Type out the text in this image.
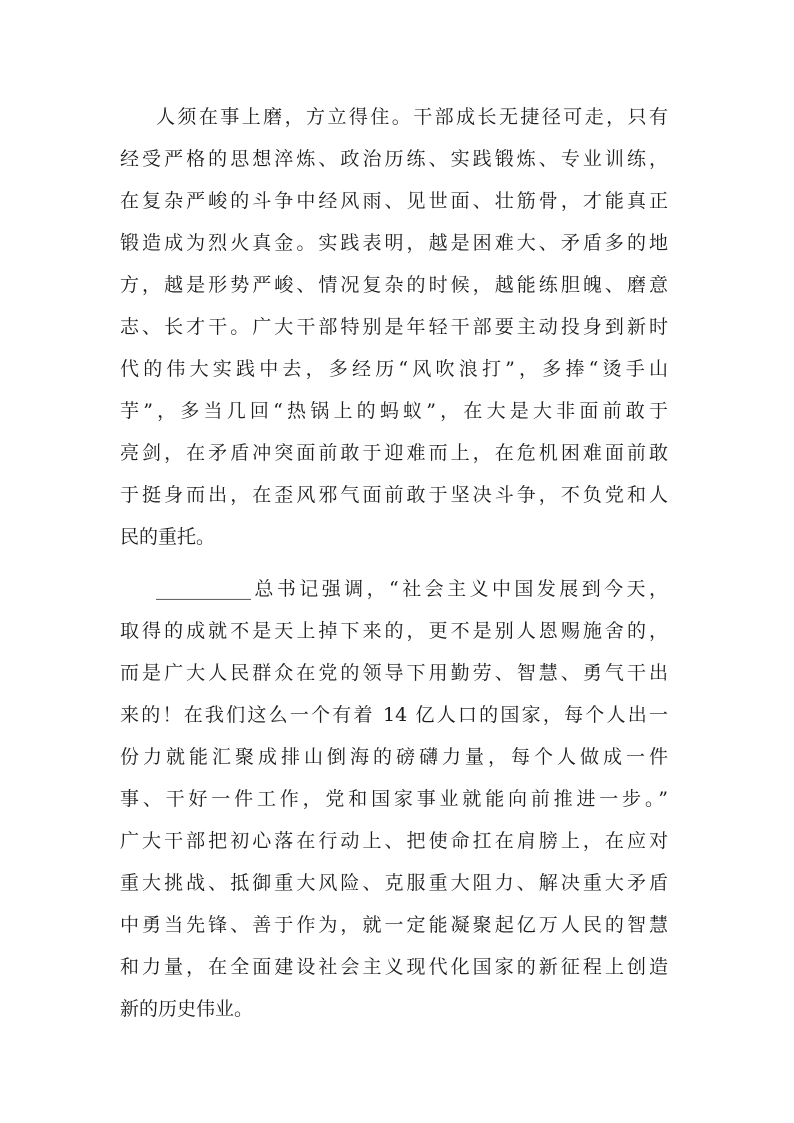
人须在事上磨，方立得住。干部成长无捷径可走，只有
经受严格的思想淬炼、政治历练、实践锻炼、专业训练，
在复杂严峻的斗争中经风雨、见世面、壮筋骨，才能真正
锻造成为烈火真金。实践表明，越是困难大、矛盾多的地
方，越是形势严峻、情况复杂的时候，越能练胆魄、磨意
志、长才干。广大干部特别是年轻干部要主动投身到新时
代的伟大实践中去，多经历“风吹浪打”，多捧“烫手山
芋”，多当几回“热锅上的蚂蚁”，在大是大非面前敢于
亮剑，在矛盾冲突面前敢于迎难而上，在危机困难面前敢
于挺身而出，在歪风邪气面前敢于坚决斗争，不负党和人
民的重托。
__________总书记强调，“社会主义中国发展到今天，
取得的成就不是天上掉下来的，更不是别人恩赐施舍的，
而是广大人民群众在党的领导下用勤劳、智慧、勇气干出
来的！在我们这么一个有着 14 亿人口的国家，每个人出一
份力就能汇聚成排山倒海的磅礴力量，每个人做成一件
事、干好一件工作，党和国家事业就能向前推进一步。”
广大干部把初心落在行动上、把使命扛在肩膀上，在应对
重大挑战、抵御重大风险、克服重大阻力、解决重大矛盾
中勇当先锋、善于作为，就一定能凝聚起亿万人民的智慧
和力量，在全面建设社会主义现代化国家的新征程上创造
新的历史伟业。
